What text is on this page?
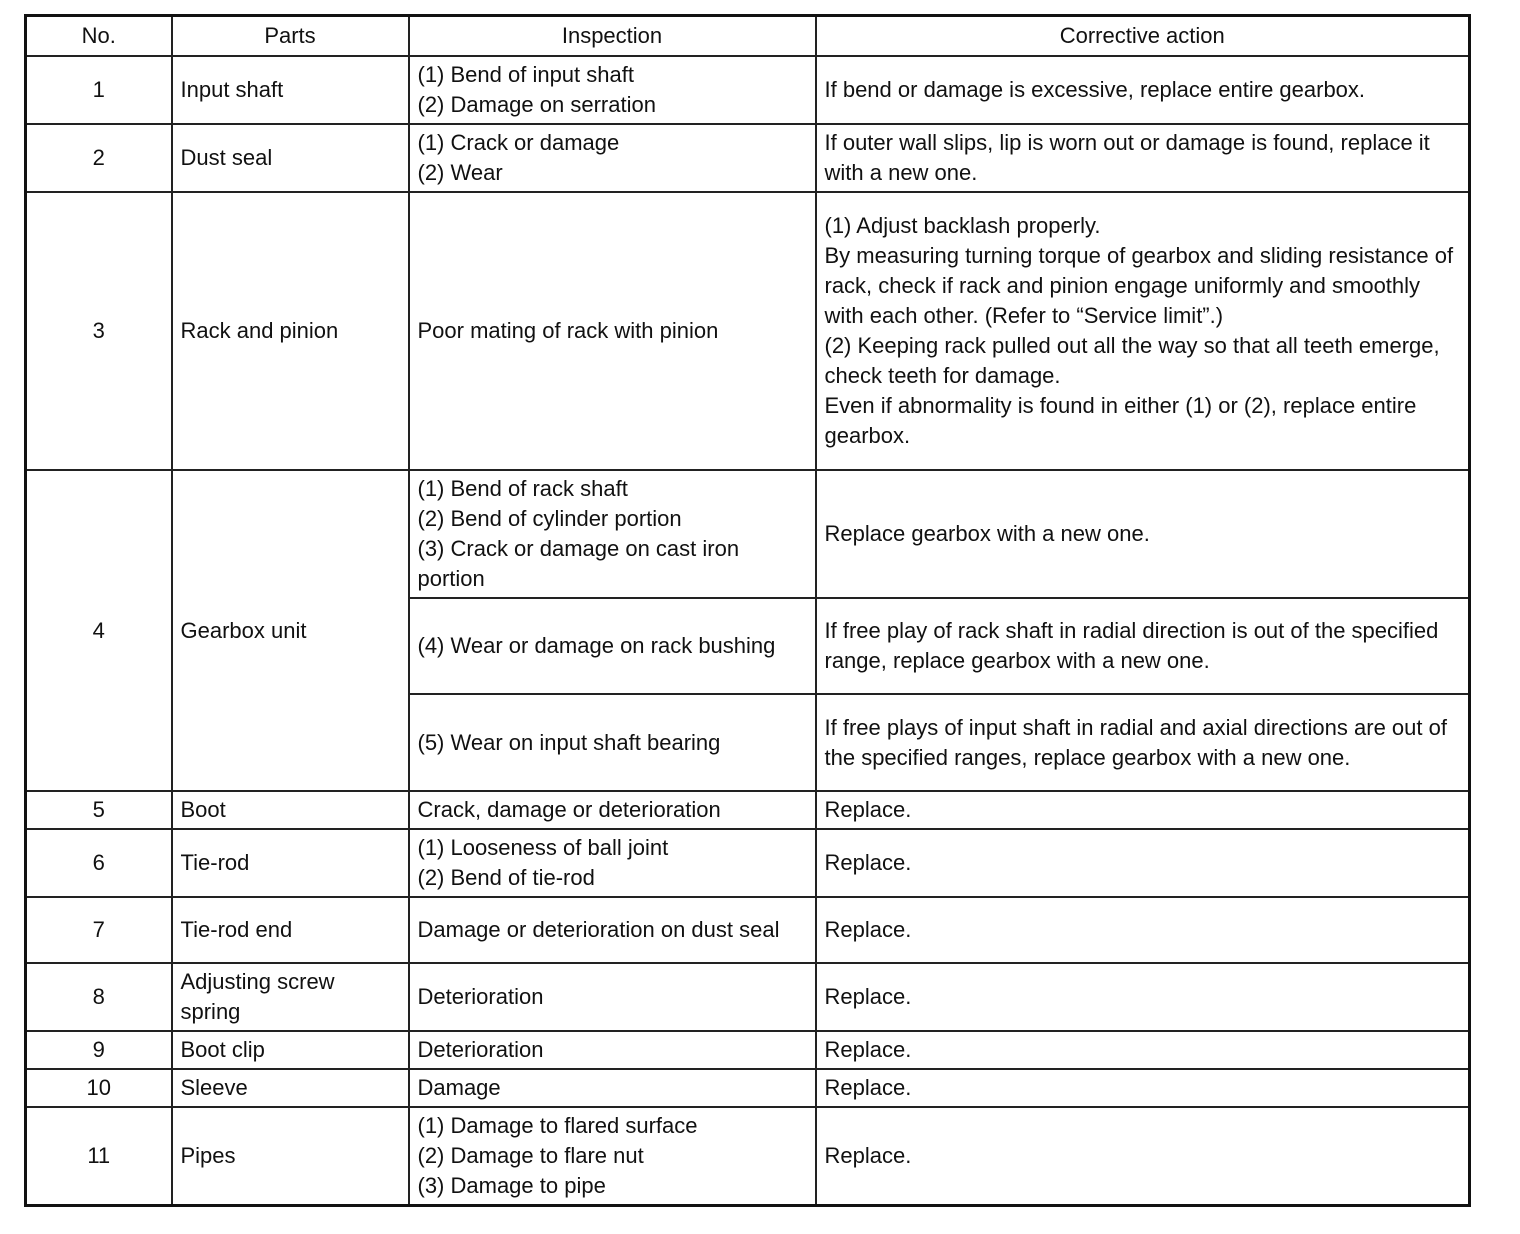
No.	Parts	Inspection	Corrective action
1	Input shaft	(1) Bend of input shaft
(2) Damage on serration	If bend or damage is excessive, replace entire gearbox.
2	Dust seal	(1) Crack or damage
(2) Wear	If outer wall slips, lip is worn out or damage is found, replace it with a new one.
3	Rack and pinion	Poor mating of rack with pinion	(1) Adjust backlash properly.
By measuring turning torque of gearbox and sliding resistance of rack, check if rack and pinion engage uniformly and smoothly with each other. (Refer to “Service limit”.)
(2) Keeping rack pulled out all the way so that all teeth emerge, check teeth for damage.
Even if abnormality is found in either (1) or (2), replace entire gearbox.
4	Gearbox unit	(1) Bend of rack shaft
(2) Bend of cylinder portion
(3) Crack or damage on cast iron portion	Replace gearbox with a new one.
		(4) Wear or damage on rack bushing	If free play of rack shaft in radial direction is out of the specified range, replace gearbox with a new one.
		(5) Wear on input shaft bearing	If free plays of input shaft in radial and axial directions are out of the specified ranges, replace gearbox with a new one.
5	Boot	Crack, damage or deterioration	Replace.
6	Tie-rod	(1) Looseness of ball joint
(2) Bend of tie-rod	Replace.
7	Tie-rod end	Damage or deterioration on dust seal	Replace.
8	Adjusting screw spring	Deterioration	Replace.
9	Boot clip	Deterioration	Replace.
10	Sleeve	Damage	Replace.
11	Pipes	(1) Damage to flared surface
(2) Damage to flare nut
(3) Damage to pipe	Replace.
